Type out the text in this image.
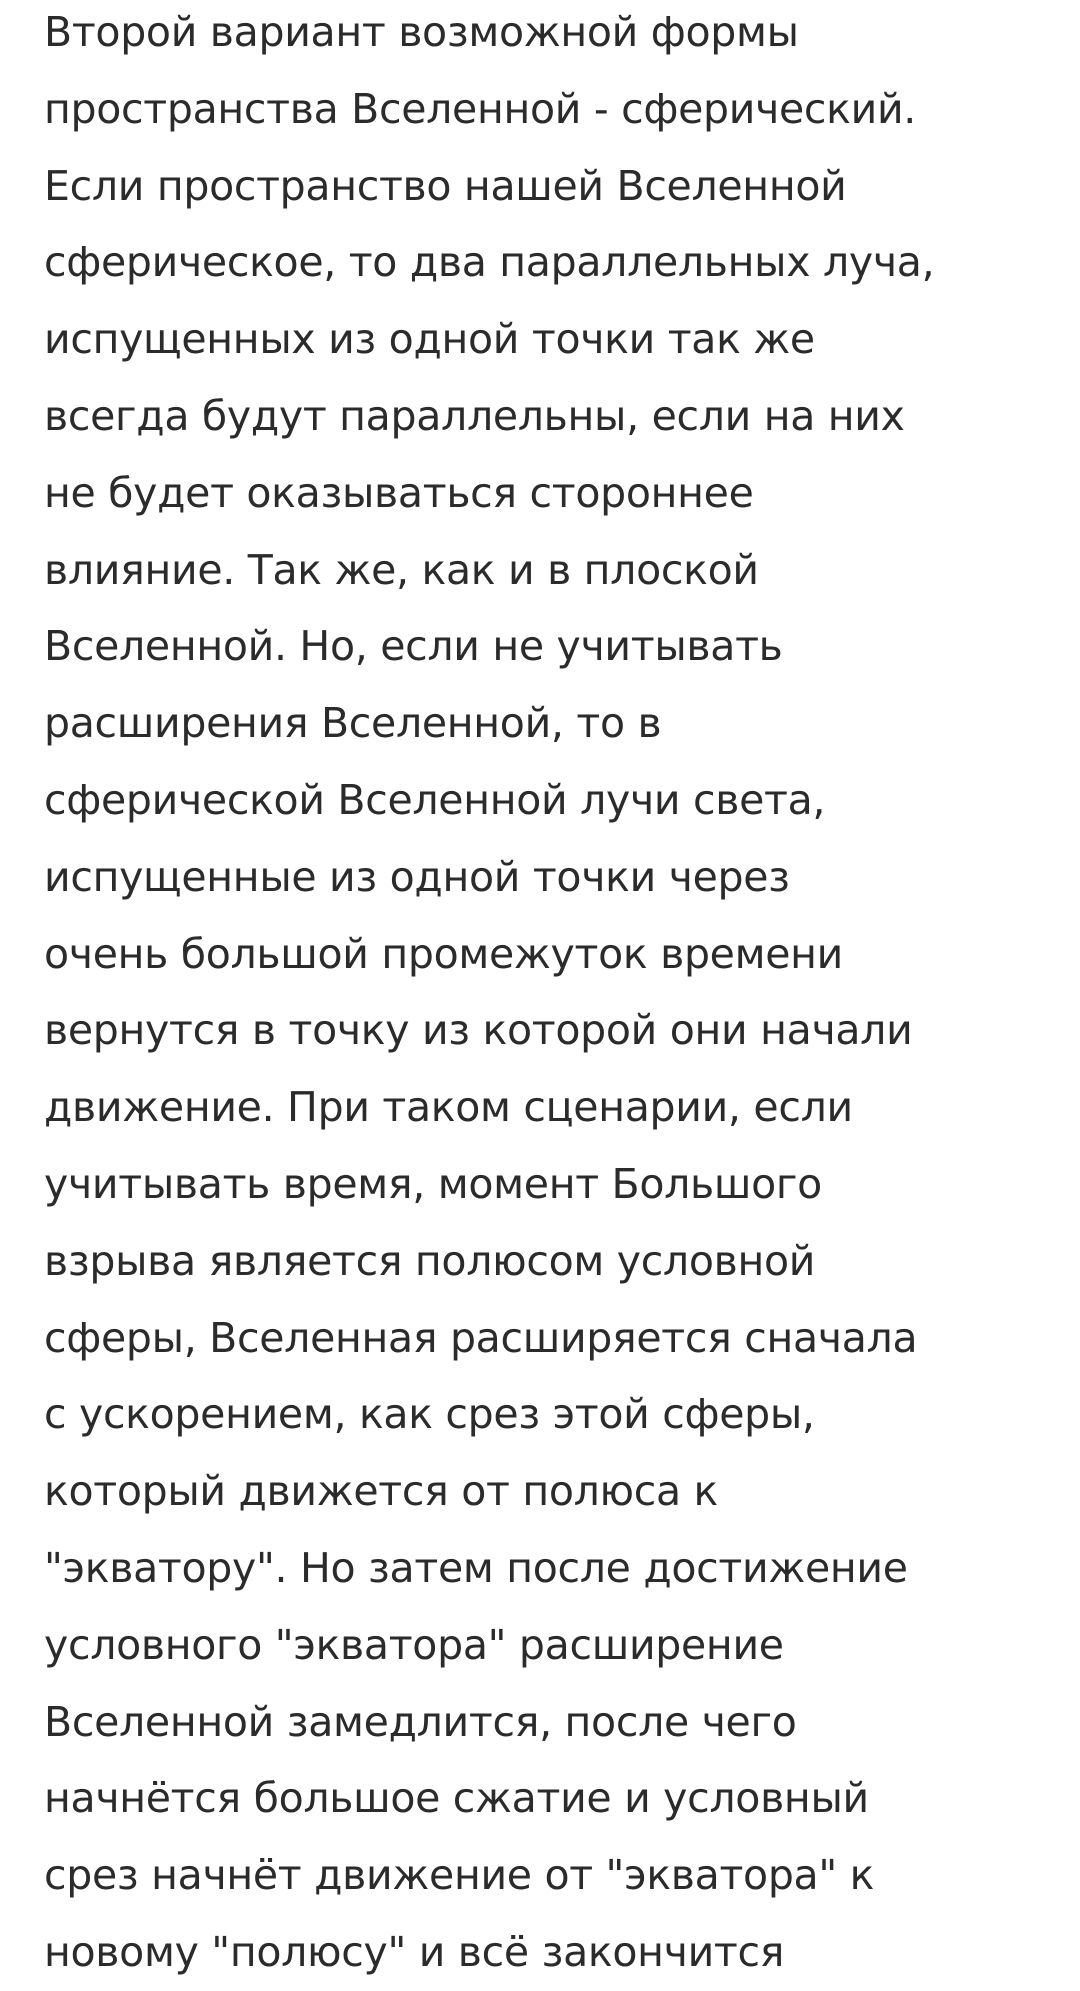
Второй вариант возможной формы
пространства Вселенной - сферический.
Если пространство нашей Вселенной
сферическое, то два параллельных луча,
испущенных из одной точки так же
всегда будут параллельны, если на них
не будет оказываться стороннее
влияние. Так же, как и в плоской
Вселенной. Но, если не учитывать
расширения Вселенной, то в
сферической Вселенной лучи света,
испущенные из одной точки через
очень большой промежуток времени
вернутся в точку из которой они начали
движение. При таком сценарии, если
учитывать время, момент Большого
взрыва является полюсом условной
сферы, Вселенная расширяется сначала
с ускорением, как срез этой сферы,
который движется от полюса к
"экватору". Но затем после достижение
условного "экватора" расширение
Вселенной замедлится, после чего
начнётся большое сжатие и условный
срез начнёт движение от "экватора" к
новому "полюсу" и всё закончится
